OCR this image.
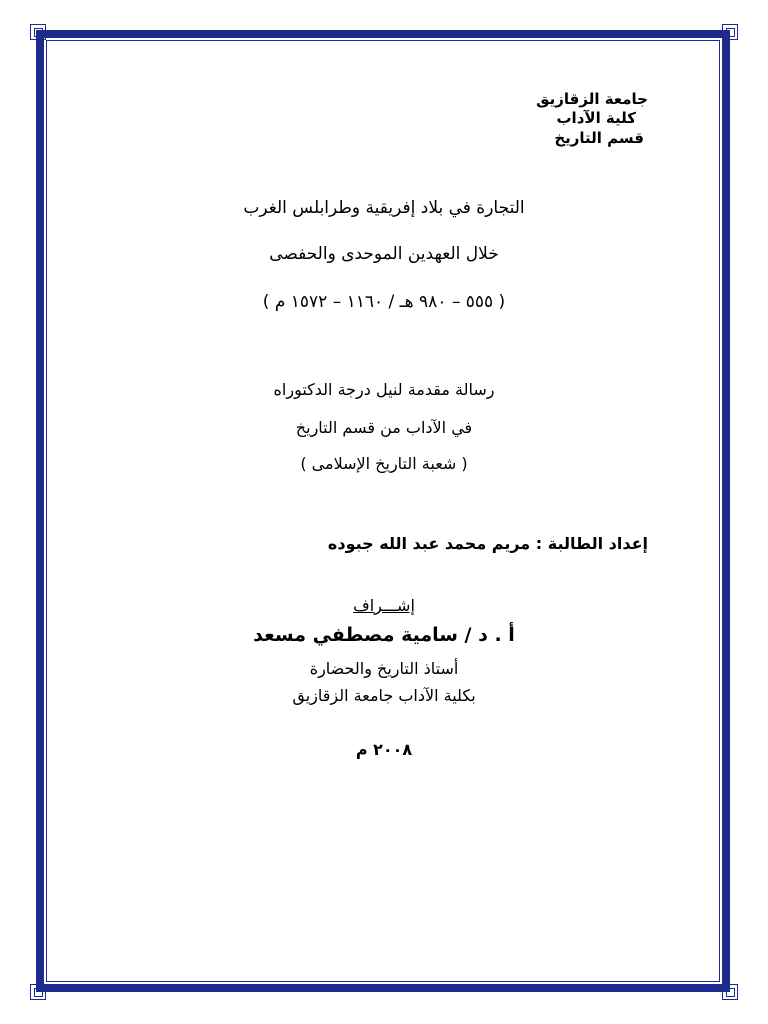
جامعة الزقازيق
كلية الآداب
قسم التاريخ
التجارة في بلاد إفريقية وطرابلس الغرب
خلال العهدين الموحدى والحفصى
( ٥٥٥ – ٩٨٠ هـ / ١١٦٠ – ١٥٧٢ م )
رسالة مقدمة لنيل درجة الدكتوراه
في الآداب من قسم التاريخ
( شعبة التاريخ الإسلامى )
إعداد الطالبة : مريم محمد عبد الله جبوده
إشـــراف
أ . د / سامية مصطفي مسعد
أستاذ التاريخ والحضارة
بكلية الآداب جامعة الزقازيق
٢٠٠٨ م
